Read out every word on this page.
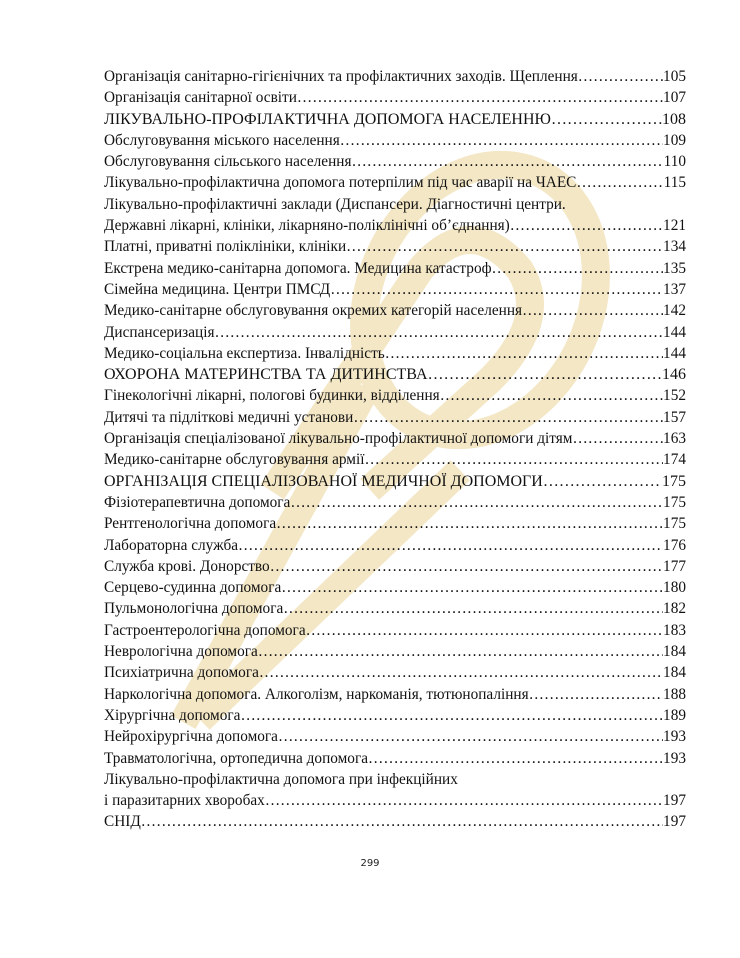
Організація санітарно-гігієнічних та профілактичних заходів. Щеплення …………………………………………………………………………………………………………………………………………………………	105
Організація санітарної освіти …………………………………………………………………………………………………………………………………………………………	107
ЛІКУВАЛЬНО-ПРОФІЛАКТИЧНА ДОПОМОГА НАСЕЛЕННЮ …………………………………………………………………………………………………………………………………………………………	108
Обслуговування міського населення …………………………………………………………………………………………………………………………………………………………	109
Обслуговування сільського населення …………………………………………………………………………………………………………………………………………………………	110
Лікувально-профілактична допомога потерпілим під час аварії на ЧАЕС …………………………………………………………………………………………………………………………………………………………	115
Лікувально-профілактичні заклади (Диспансери. Діагностичні центри.
Державні лікарні, клініки, лікарняно-поліклінічні об’єднання) …………………………………………………………………………………………………………………………………………………………	121
Платні, приватні поліклініки, клініки …………………………………………………………………………………………………………………………………………………………	134
Екстрена медико-санітарна допомога. Медицина катастроф …………………………………………………………………………………………………………………………………………………………	135
Сімейна медицина. Центри ПМСД …………………………………………………………………………………………………………………………………………………………	137
Медико-санітарне обслуговування окремих категорій населення …………………………………………………………………………………………………………………………………………………………	142
Диспансеризація …………………………………………………………………………………………………………………………………………………………	144
Медико-соціальна експертиза. Інвалідність …………………………………………………………………………………………………………………………………………………………	144
ОХОРОНА МАТЕРИНСТВА ТА ДИТИНСТВА …………………………………………………………………………………………………………………………………………………………	146
Гінекологічні лікарні, пологові будинки, відділення …………………………………………………………………………………………………………………………………………………………	152
Дитячі та підліткові медичні установи …………………………………………………………………………………………………………………………………………………………	157
Організація спеціалізованої лікувально-профілактичної допомоги дітям …………………………………………………………………………………………………………………………………………………………	163
Медико-санітарне обслуговування армії …………………………………………………………………………………………………………………………………………………………	174
ОРГАНІЗАЦІЯ СПЕЦІАЛІЗОВАНОЇ МЕДИЧНОЇ ДОПОМОГИ …………………………………………………………………………………………………………………………………………………………	175
Фізіотерапевтична допомога …………………………………………………………………………………………………………………………………………………………	175
Рентгенологічна допомога …………………………………………………………………………………………………………………………………………………………	175
Лабораторна служба …………………………………………………………………………………………………………………………………………………………	176
Служба крові. Донорство …………………………………………………………………………………………………………………………………………………………	177
Серцево-судинна допомога …………………………………………………………………………………………………………………………………………………………	180
Пульмонологічна допомога …………………………………………………………………………………………………………………………………………………………	182
Гастроентерологічна допомога …………………………………………………………………………………………………………………………………………………………	183
Неврологічна допомога …………………………………………………………………………………………………………………………………………………………	184
Психіатрична допомога …………………………………………………………………………………………………………………………………………………………	184
Наркологічна допомога. Алкоголізм, наркоманія, тютюнопаління …………………………………………………………………………………………………………………………………………………………	188
Хірургічна допомога …………………………………………………………………………………………………………………………………………………………	189
Нейрохірургічна допомога …………………………………………………………………………………………………………………………………………………………	193
Травматологічна, ортопедична допомога …………………………………………………………………………………………………………………………………………………………	193
Лікувально-профілактична допомога при інфекційних
і паразитарних хворобах …………………………………………………………………………………………………………………………………………………………	197
СНІД …………………………………………………………………………………………………………………………………………………………	197
299
